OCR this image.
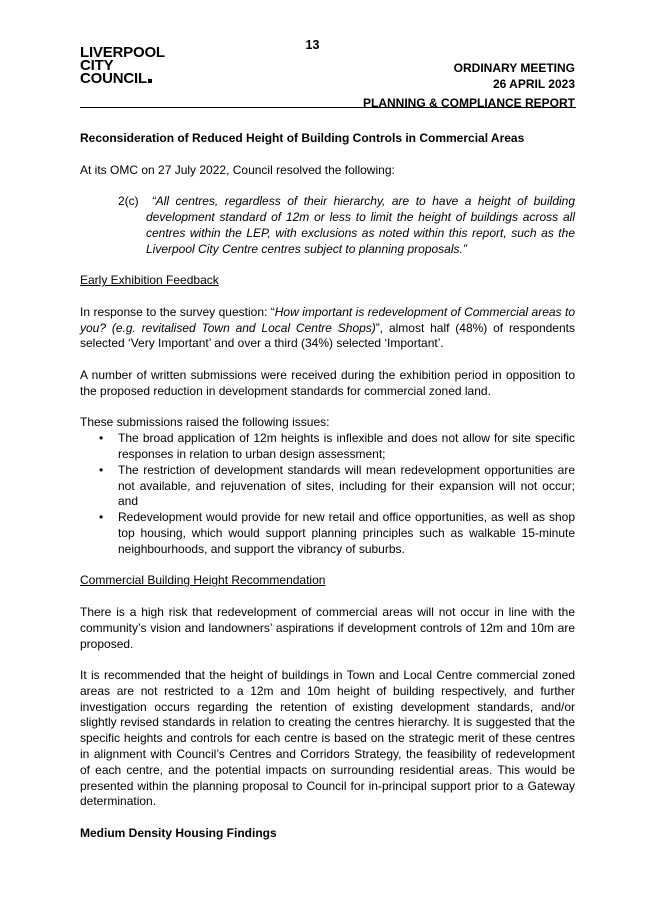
13
LIVERPOOL
CITY
COUNCIL
ORDINARY MEETING
26 APRIL 2023
PLANNING & COMPLIANCE REPORT

Reconsideration of Reduced Height of Building Controls in Commercial Areas

At its OMC on 27 July 2022, Council resolved the following:

2(c) “All centres, regardless of their hierarchy, are to have a height of building development standard of 12m or less to limit the height of buildings across all centres within the LEP, with exclusions as noted within this report, such as the Liverpool City Centre centres subject to planning proposals.”

Early Exhibition Feedback

In response to the survey question: “How important is redevelopment of Commercial areas to you? (e.g. revitalised Town and Local Centre Shops)”, almost half (48%) of respondents selected ‘Very Important’ and over a third (34%) selected ‘Important’.

A number of written submissions were received during the exhibition period in opposition to the proposed reduction in development standards for commercial zoned land.

These submissions raised the following issues:

• The broad application of 12m heights is inflexible and does not allow for site specific responses in relation to urban design assessment;
• The restriction of development standards will mean redevelopment opportunities are not available, and rejuvenation of sites, including for their expansion will not occur; and
• Redevelopment would provide for new retail and office opportunities, as well as shop top housing, which would support planning principles such as walkable 15-minute neighbourhoods, and support the vibrancy of suburbs.

Commercial Building Height Recommendation

There is a high risk that redevelopment of commercial areas will not occur in line with the community’s vision and landowners’ aspirations if development controls of 12m and 10m are proposed.

It is recommended that the height of buildings in Town and Local Centre commercial zoned areas are not restricted to a 12m and 10m height of building respectively, and further investigation occurs regarding the retention of existing development standards, and/or slightly revised standards in relation to creating the centres hierarchy. It is suggested that the specific heights and controls for each centre is based on the strategic merit of these centres in alignment with Council’s Centres and Corridors Strategy, the feasibility of redevelopment of each centre, and the potential impacts on surrounding residential areas. This would be presented within the planning proposal to Council for in-principal support prior to a Gateway determination.

Medium Density Housing Findings
